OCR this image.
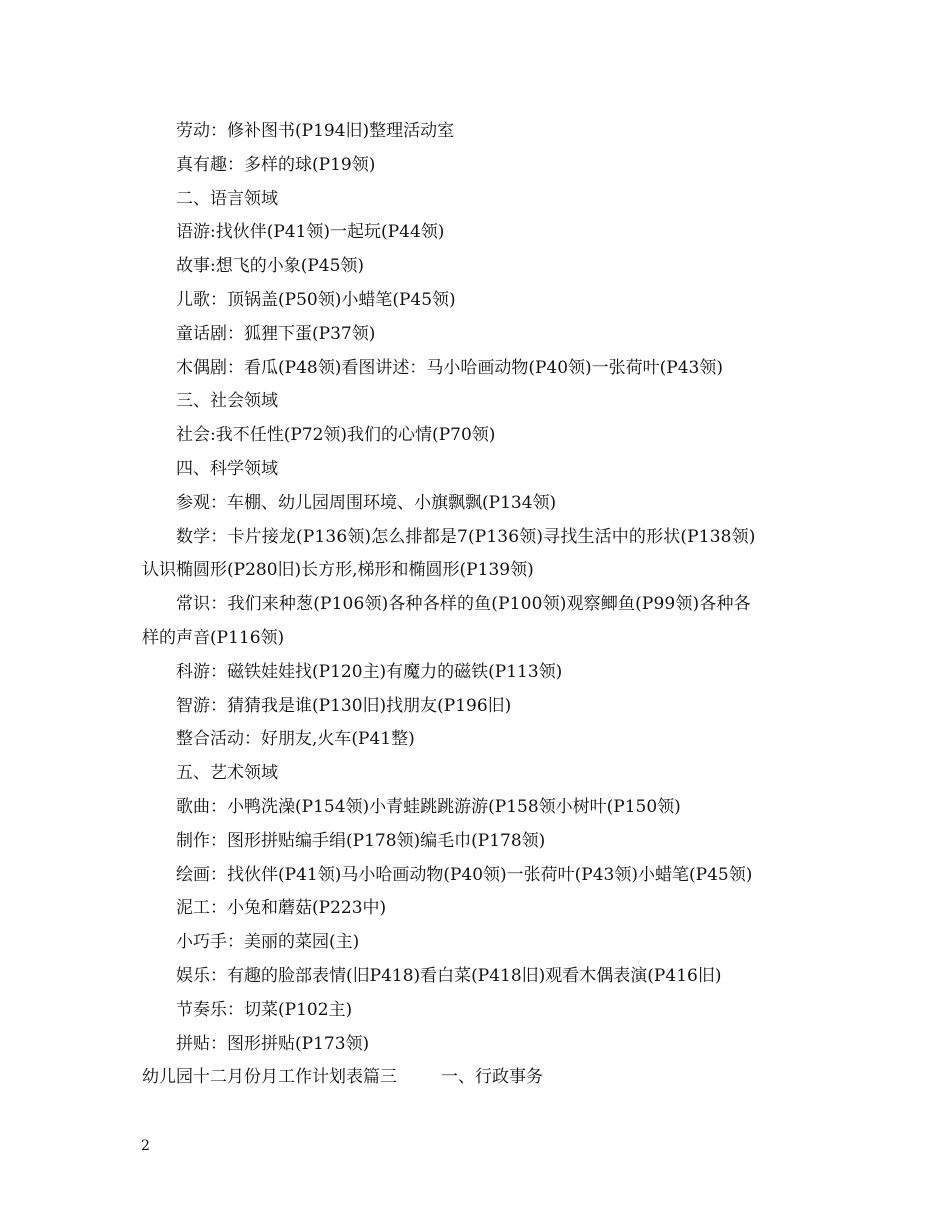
劳动：修补图书(P194旧)整理活动室
真有趣：多样的球(P19领)
二、语言领域
语游:找伙伴(P41领)一起玩(P44领)
故事:想飞的小象(P45领)
儿歌：顶锅盖(P50领)小蜡笔(P45领)
童话剧：狐狸下蛋(P37领)
木偶剧：看瓜(P48领)看图讲述：马小哈画动物(P40领)一张荷叶(P43领)
三、社会领域
社会:我不任性(P72领)我们的心情(P70领)
四、科学领域
参观：车棚、幼儿园周围环境、小旗飘飘(P134领)
数学：卡片接龙(P136领)怎么排都是7(P136领)寻找生活中的形状(P138领)
认识椭圆形(P280旧)长方形,梯形和椭圆形(P139领)
常识：我们来种葱(P106领)各种各样的鱼(P100领)观察鲫鱼(P99领)各种各
样的声音(P116领)
科游：磁铁娃娃找(P120主)有魔力的磁铁(P113领)
智游：猜猜我是谁(P130旧)找朋友(P196旧)
整合活动：好朋友,火车(P41整)
五、艺术领域
歌曲：小鸭洗澡(P154领)小青蛙跳跳游游(P158领小树叶(P150领)
制作：图形拼贴编手绢(P178领)编毛巾(P178领)
绘画：找伙伴(P41领)马小哈画动物(P40领)一张荷叶(P43领)小蜡笔(P45领)
泥工：小兔和蘑菇(P223中)
小巧手：美丽的菜园(主)
娱乐：有趣的脸部表情(旧P418)看白菜(P418旧)观看木偶表演(P416旧)
节奏乐：切菜(P102主)
拼贴：图形拼贴(P173领)
幼儿园十二月份月工作计划表篇三	一、行政事务
2
